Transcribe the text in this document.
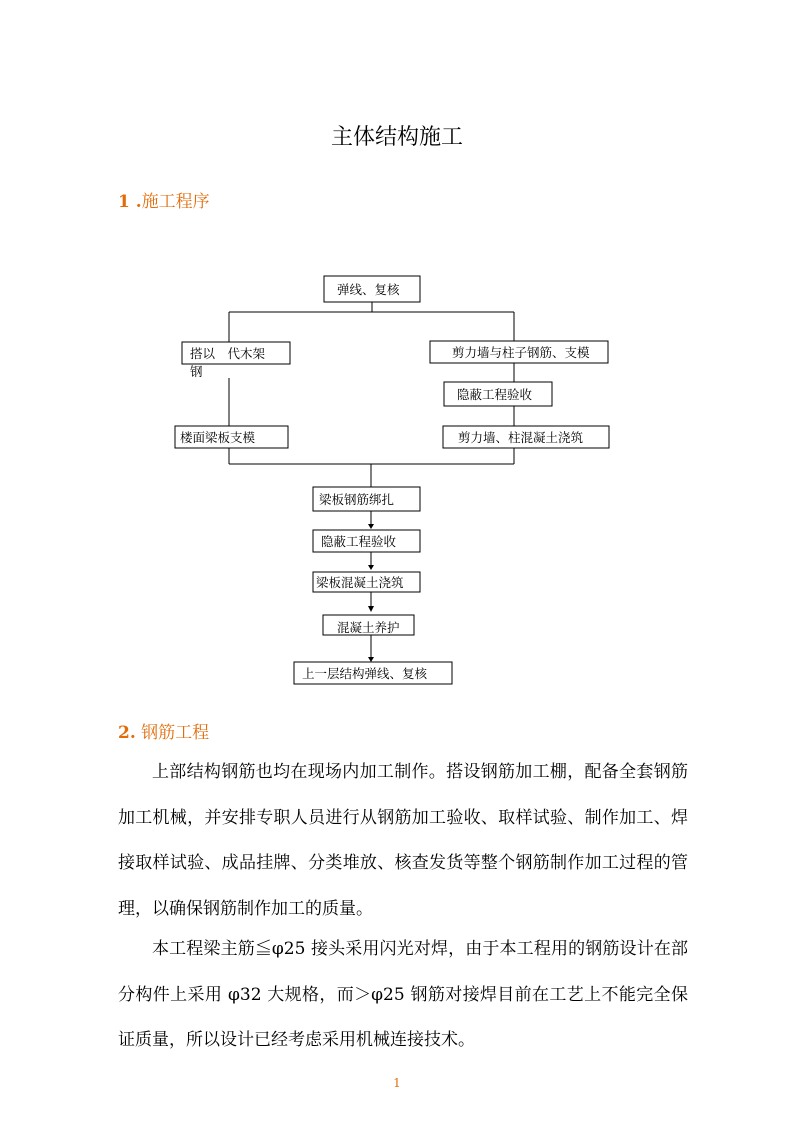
主体结构施工
1 .施工程序
弹线、复核
搭以　代木架
钢
楼面梁板支模
剪力墙与柱子钢筋、支模
隐蔽工程验收
剪力墙、柱混凝土浇筑
梁板钢筋绑扎
隐蔽工程验收
梁板混凝土浇筑
混凝土养护
上一层结构弹线、复核
2. 钢筋工程

上部结构钢筋也均在现场内加工制作。搭设钢筋加工棚，配备全套钢筋加工机械，并安排专职人员进行从钢筋加工验收、取样试验、制作加工、焊接取样试验、成品挂牌、分类堆放、核查发货等整个钢筋制作加工过程的管理，以确保钢筋制作加工的质量。

本工程梁主筋≦φ25 接头采用闪光对焊，由于本工程用的钢筋设计在部分构件上采用 φ32 大规格，而＞φ25 钢筋对接焊目前在工艺上不能完全保证质量，所以设计已经考虑采用机械连接技术。

1
